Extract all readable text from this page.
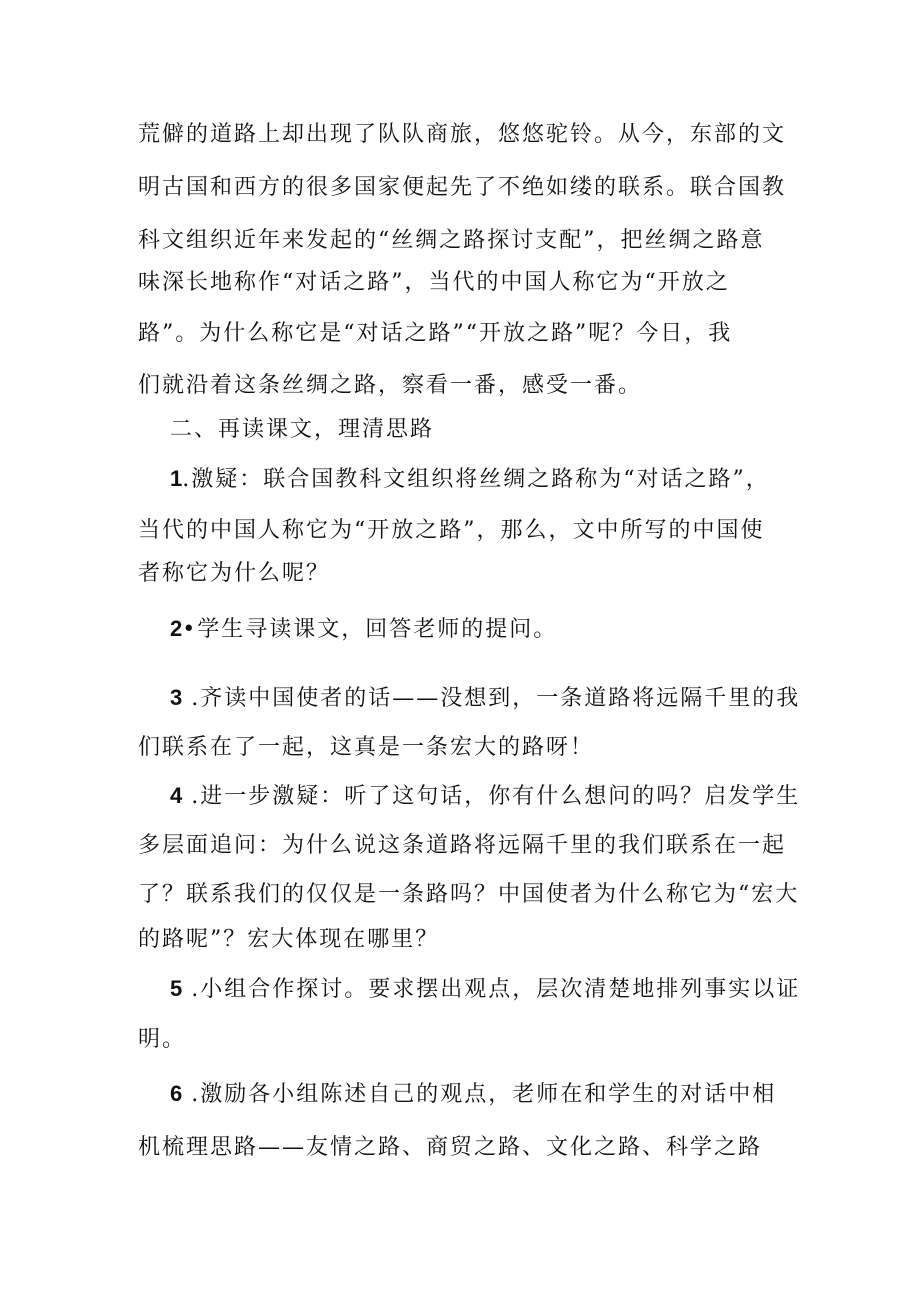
荒僻的道路上却出现了队队商旅，悠悠驼铃。从今，东部的文
明古国和西方的很多国家便起先了不绝如缕的联系。联合国教
科文组织近年来发起的“丝绸之路探讨支配”，把丝绸之路意
味深长地称作“对话之路”，当代的中国人称它为“开放之
路”。为什么称它是“对话之路”“开放之路”呢？今日，我
们就沿着这条丝绸之路，察看一番，感受一番。
二、再读课文，理清思路
1.激疑：联合国教科文组织将丝绸之路称为“对话之路”，
当代的中国人称它为“开放之路”，那么，文中所写的中国使
者称它为什么呢？
2•学生寻读课文，回答老师的提问。
3 .齐读中国使者的话——没想到，一条道路将远隔千里的我
们联系在了一起，这真是一条宏大的路呀！
4 .进一步激疑：听了这句话，你有什么想问的吗？启发学生
多层面追问：为什么说这条道路将远隔千里的我们联系在一起
了？联系我们的仅仅是一条路吗？中国使者为什么称它为“宏大
的路呢”？宏大体现在哪里？
5 .小组合作探讨。要求摆出观点，层次清楚地排列事实以证
明。
6 .激励各小组陈述自己的观点，老师在和学生的对话中相
机梳理思路——友情之路、商贸之路、文化之路、科学之路
